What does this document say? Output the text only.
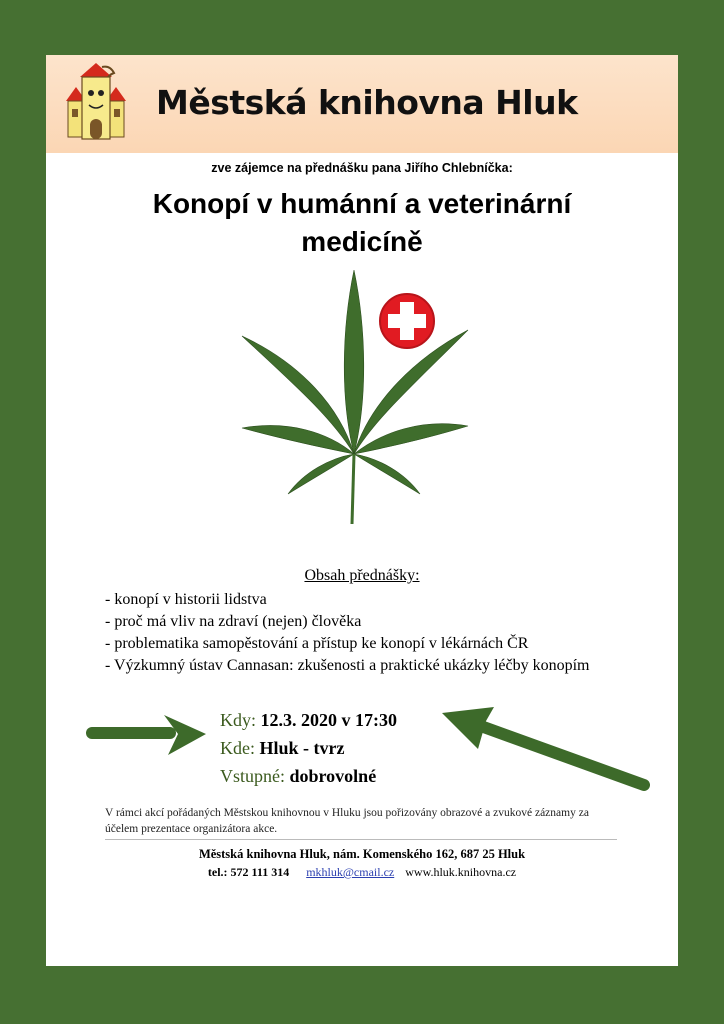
Městská knihovna Hluk
zve zájemce na přednášku pana Jiřího Chlebníčka:
Konopí v humánní a veterinární
medicíně
Obsah přednášky:
- konopí v historii lidstva
- proč má vliv na zdraví (nejen) člověka
- problematika samopěstování a přístup ke konopí v lékárnách ČR
- Výzkumný ústav Cannasan: zkušenosti a praktické ukázky léčby konopím
Kdy: 12.3. 2020 v 17:30
Kde: Hluk - tvrz
Vstupné: dobrovolné
V rámci akcí pořádaných Městskou knihovnou v Hluku jsou pořizovány obrazové a zvukové záznamy za účelem prezentace organizátora akce.
Městská knihovna Hluk, nám. Komenského 162, 687 25 Hluk
tel.: 572 111 314 mkhluk@cmail.cz www.hluk.knihovna.cz
